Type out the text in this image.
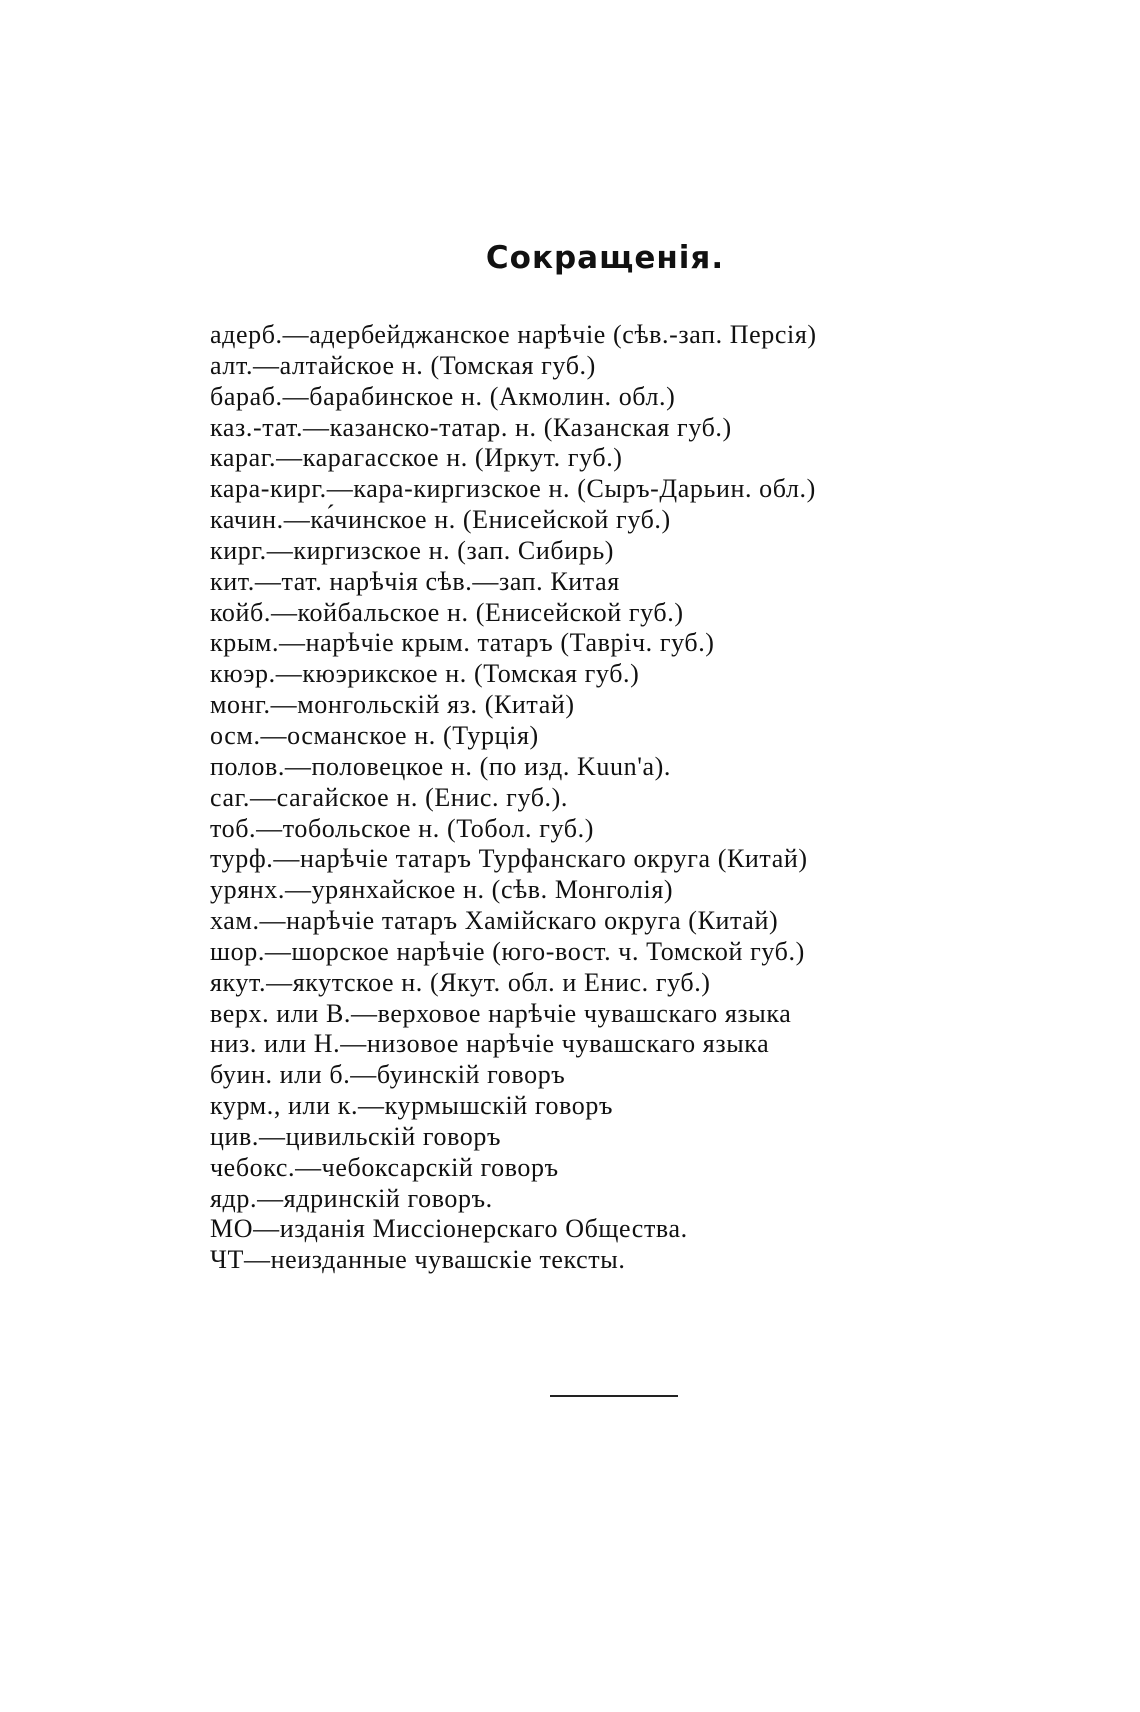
Сокращенія.
адерб.—адербейджанское нарѣчіе (сѣв.-зап. Персія)
алт.—алтайское н. (Томская губ.)
бараб.—барабинское н. (Акмолин. обл.)
каз.-тат.—казанско-татар. н. (Казанская губ.)
караг.—карагасское н. (Иркут. губ.)
кара-кирг.—кара-киргизское н. (Сыръ-Дарьин. обл.)
качин.—ка́чинское н. (Енисейской губ.)
кирг.—киргизское н. (зап. Сибирь)
кит.—тат. нарѣчія сѣв.—зап. Китая
койб.—койбальское н. (Енисейской губ.)
крым.—нарѣчіе крым. татаръ (Тавріч. губ.)
кюэр.—кюэрикское н. (Томская губ.)
монг.—монгольскій яз. (Китай)
осм.—османское н. (Турція)
полов.—половецкое н. (по изд. Kuun'a).
саг.—сагайское н. (Енис. губ.).
тоб.—тобольское н. (Тобол. губ.)
турф.—нарѣчіе татаръ Турфанскаго округа (Китай)
урянх.—урянхайское н. (сѣв. Монголія)
хам.—нарѣчіе татаръ Хамійскаго округа (Китай)
шор.—шорское нарѣчіе (юго-вост. ч. Томской губ.)
якут.—якутское н. (Якут. обл. и Енис. губ.)
верх. или В.—верховое нарѣчіе чувашскаго языка
низ. или Н.—низовое нарѣчіе чувашскаго языка
буин. или б.—буинскій говоръ
курм., или к.—курмышскій говоръ
цив.—цивильскій говоръ
чебокс.—чебоксарскій говоръ
ядр.—ядринскій говоръ.
МО—изданія Миссіонерскаго Общества.
ЧТ—неизданные чувашскіе тексты.
